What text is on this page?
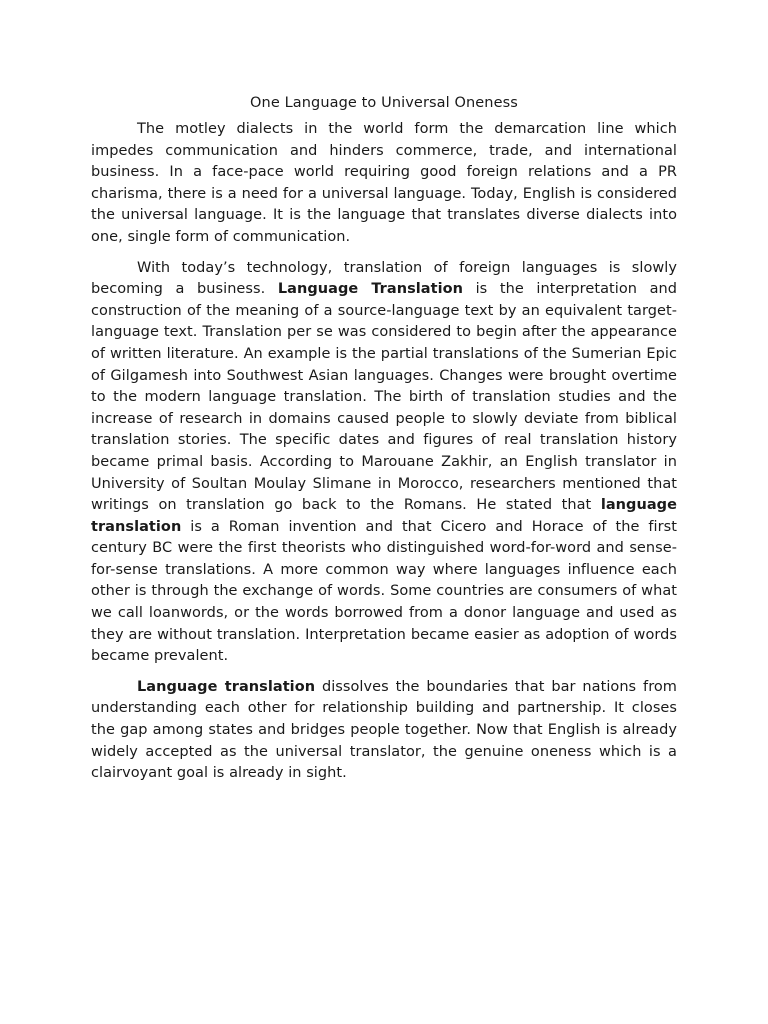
One Language to Universal Oneness

The motley dialects in the world form the demarcation line which impedes communication and hinders commerce, trade, and international business. In a face-pace world requiring good foreign relations and a PR charisma, there is a need for a universal language. Today, English is considered the universal language. It is the language that translates diverse dialects into one, single form of communication.

With today’s technology, translation of foreign languages is slowly becoming a business. Language Translation is the interpretation and construction of the meaning of a source-language text by an equivalent target-language text. Translation per se was considered to begin after the appearance of written literature. An example is the partial translations of the Sumerian Epic of Gilgamesh into Southwest Asian languages. Changes were brought overtime to the modern language translation. The birth of translation studies and the increase of research in domains caused people to slowly deviate from biblical translation stories. The specific dates and figures of real translation history became primal basis. According to Marouane Zakhir, an English translator in University of Soultan Moulay Slimane in Morocco, researchers mentioned that writings on translation go back to the Romans. He stated that language translation is a Roman invention and that Cicero and Horace of the first century BC were the first theorists who distinguished word-for-word and sense-for-sense translations. A more common way where languages influence each other is through the exchange of words. Some countries are consumers of what we call loanwords, or the words borrowed from a donor language and used as they are without translation. Interpretation became easier as adoption of words became prevalent.

Language translation dissolves the boundaries that bar nations from understanding each other for relationship building and partnership. It closes the gap among states and bridges people together. Now that English is already widely accepted as the universal translator, the genuine oneness which is a clairvoyant goal is already in sight.
